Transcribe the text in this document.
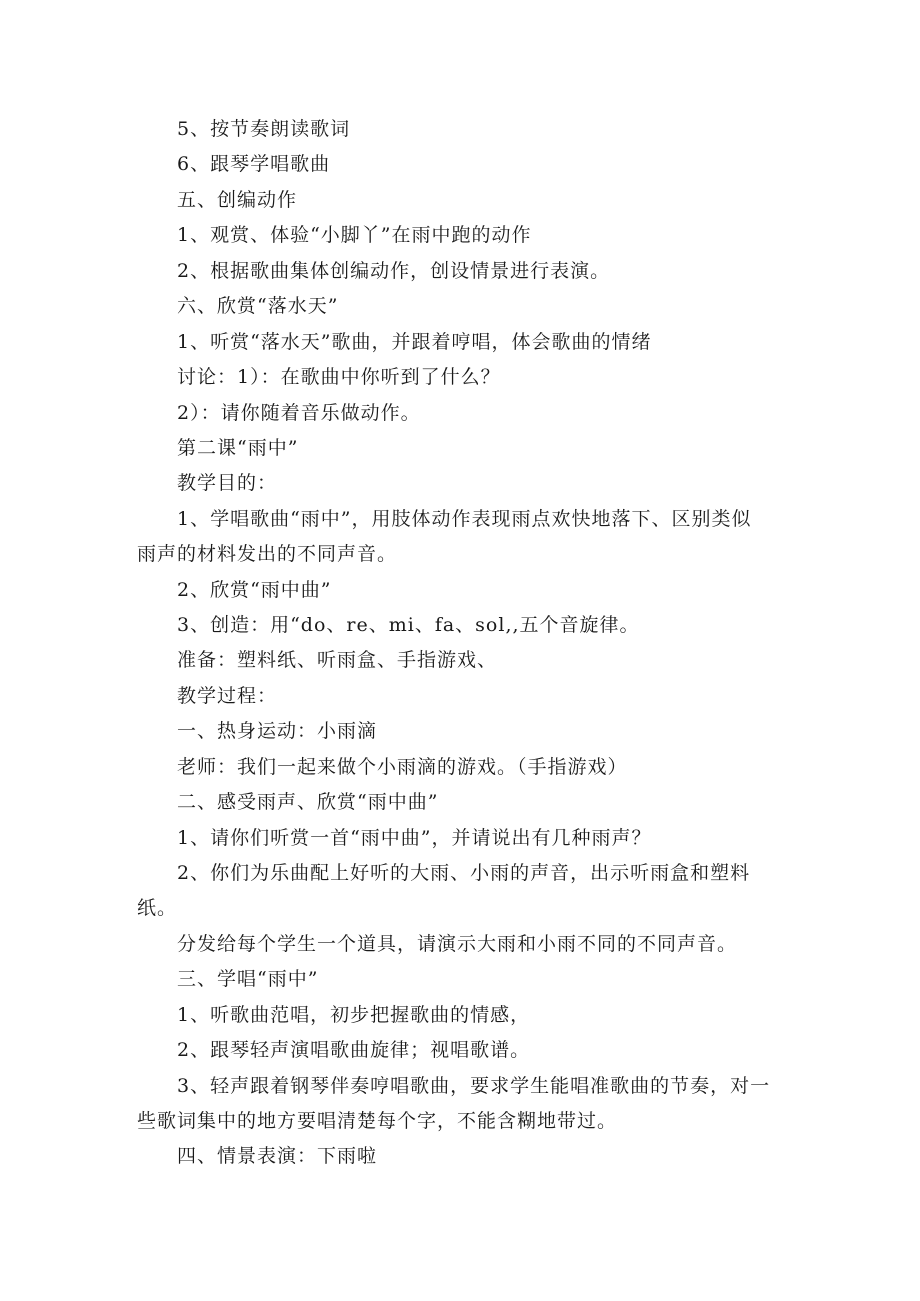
5、按节奏朗读歌词
6、跟琴学唱歌曲
五、创编动作
1、观赏、体验“小脚丫”在雨中跑的动作
2、根据歌曲集体创编动作，创设情景进行表演。
六、欣赏“落水天”
1、听赏“落水天”歌曲，并跟着哼唱，体会歌曲的情绪
讨论：1）：在歌曲中你听到了什么？
2）：请你随着音乐做动作。
第二课“雨中”
教学目的：
1、学唱歌曲“雨中”，用肢体动作表现雨点欢快地落下、区别类似
雨声的材料发出的不同声音。
2、欣赏“雨中曲”
3、创造：用“do、re、mi、fa、sol,,五个音旋律。
准备：塑料纸、听雨盒、手指游戏、
教学过程：
一、热身运动：小雨滴
老师：我们一起来做个小雨滴的游戏。（手指游戏）
二、感受雨声、欣赏“雨中曲”
1、请你们听赏一首“雨中曲”，并请说出有几种雨声？
2、你们为乐曲配上好听的大雨、小雨的声音，出示听雨盒和塑料
纸。
分发给每个学生一个道具，请演示大雨和小雨不同的不同声音。
三、学唱“雨中”
1、听歌曲范唱，初步把握歌曲的情感，
2、跟琴轻声演唱歌曲旋律；视唱歌谱。
3、轻声跟着钢琴伴奏哼唱歌曲，要求学生能唱准歌曲的节奏，对一
些歌词集中的地方要唱清楚每个字，不能含糊地带过。
四、情景表演：下雨啦
